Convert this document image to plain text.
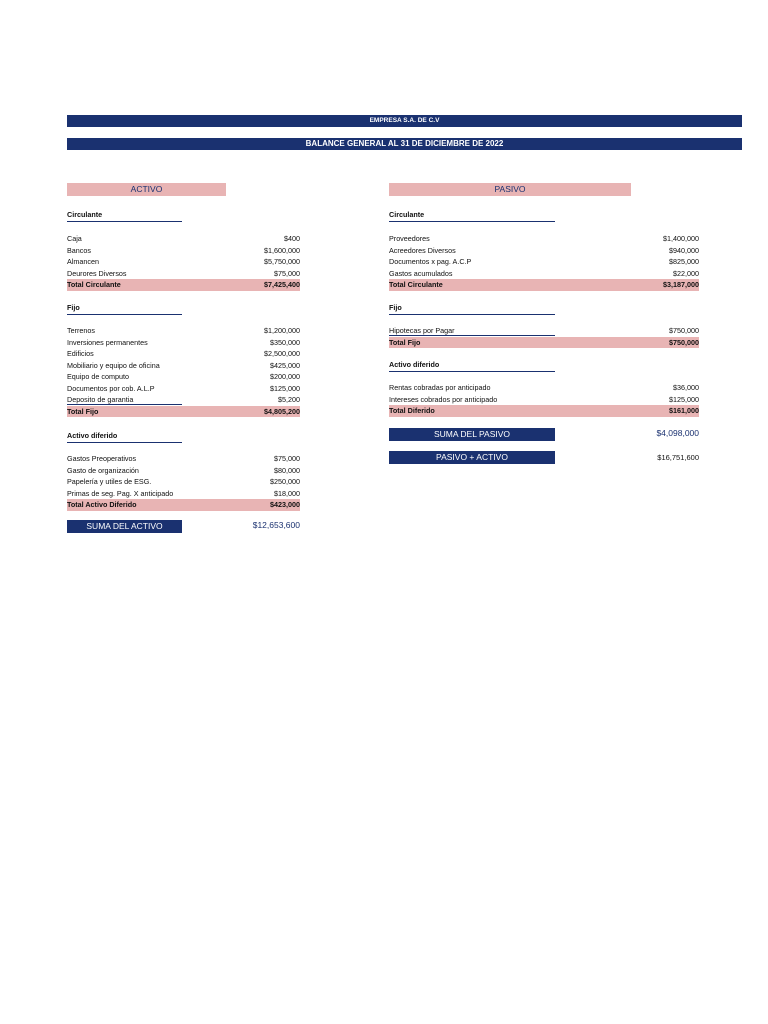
EMPRESA S.A. DE C.V
BALANCE GENERAL AL 31 DE DICIEMBRE DE 2022
ACTIVO
Circulante
Caja	$400
Bancos	$1,600,000
Almancen	$5,750,000
Deurores Diversos	$75,000
Total Circulante	$7,425,400
Fijo
Terrenos	$1,200,000
Inversiones permanentes	$350,000
Edificios	$2,500,000
Mobiliario y equipo de oficina	$425,000
Equipo de computo	$200,000
Documentos por cob. A.L.P	$125,000
Deposito de garantia	$5,200
Total Fijo	$4,805,200
Activo diferido
Gastos Preoperativos	$75,000
Gasto de organización	$80,000
Papelería y utiles de ESG.	$250,000
Primas de seg. Pag. X anticipado	$18,000
Total Activo Diferido	$423,000
SUMA DEL ACTIVO	$12,653,600
PASIVO
Circulante
Proveedores	$1,400,000
Acreedores Diversos	$940,000
Documentos x pag. A.C.P	$825,000
Gastos acumulados	$22,000
Total Circulante	$3,187,000
Fijo
Hipotecas por Pagar	$750,000
Total Fijo	$750,000
Activo diferido
Rentas cobradas por anticipado	$36,000
Intereses cobrados por anticipado	$125,000
Total Diferido	$161,000
SUMA DEL PASIVO	$4,098,000
PASIVO + ACTIVO	$16,751,600
